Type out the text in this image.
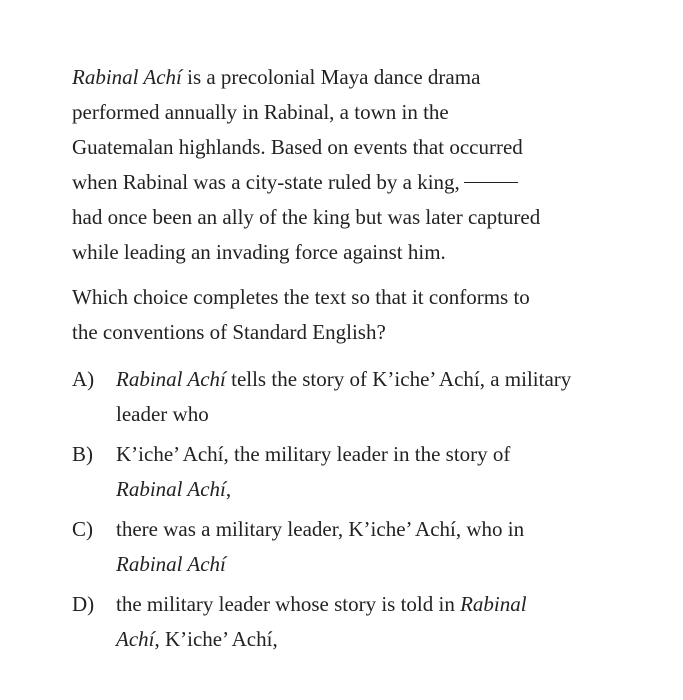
Rabinal Achí is a precolonial Maya dance drama
performed annually in Rabinal, a town in the
Guatemalan highlands. Based on events that occurred
when Rabinal was a city-state ruled by a king,
had once been an ally of the king but was later captured
while leading an invading force against him.

Which choice completes the text so that it conforms to
the conventions of Standard English?

A) Rabinal Achí tells the story of K’iche’ Achí, a military
leader who
B) K’iche’ Achí, the military leader in the story of
Rabinal Achí,
C) there was a military leader, K’iche’ Achí, who in
Rabinal Achí
D) the military leader whose story is told in Rabinal
Achí, K’iche’ Achí,
